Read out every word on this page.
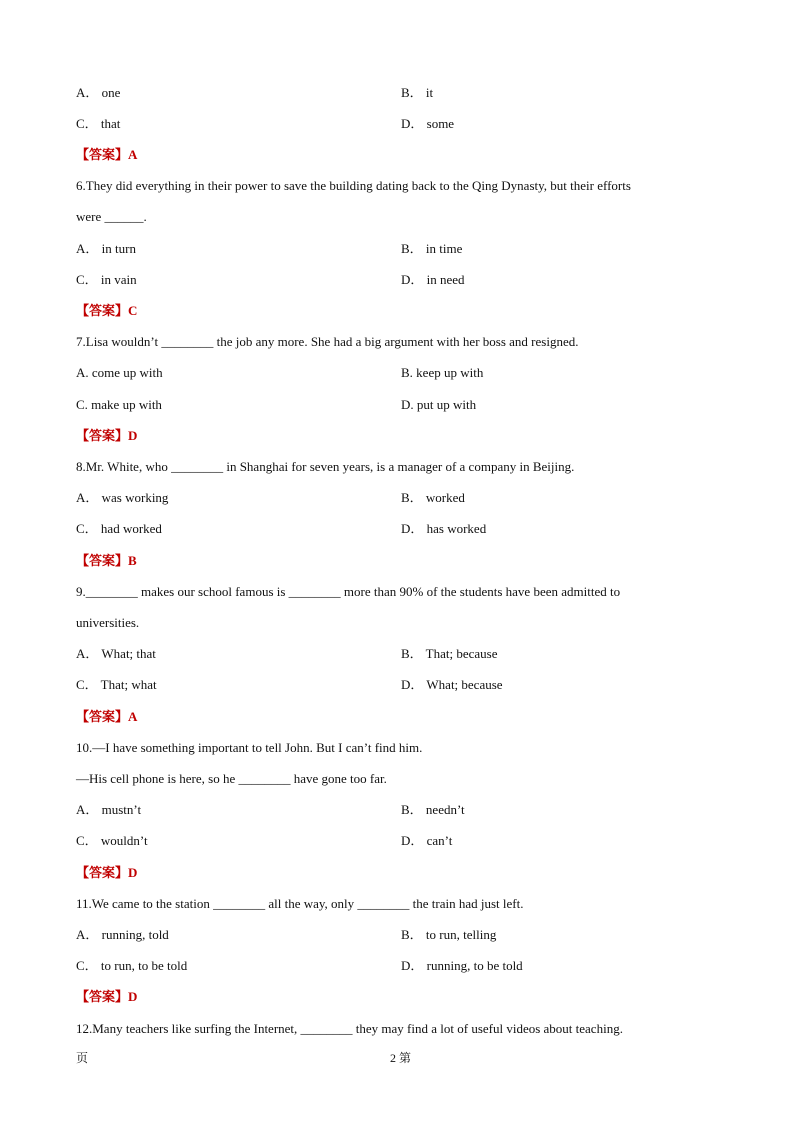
A． one	B． it
C． that	D． some
【答案】A
6.They did everything in their power to save the building dating back to the Qing Dynasty, but their efforts
were ______.
A． in turn	B． in time
C． in vain	D． in need
【答案】C
7.Lisa wouldn’t ________ the job any more. She had a big argument with her boss and resigned.
A. come up with	B. keep up with
C. make up with	D. put up with
【答案】D
8.Mr. White, who ________ in Shanghai for seven years, is a manager of a company in Beijing.
A． was working	B． worked
C． had worked	D． has worked
【答案】B
9.________ makes our school famous is ________ more than 90% of the students have been admitted to
universities.
A． What; that	B． That; because
C． That; what	D． What; because
【答案】A
10.—I have something important to tell John. But I can’t find him.
—His cell phone is here, so he ________ have gone too far.
A． mustn’t	B． needn’t
C． wouldn’t	D． can’t
【答案】D
11.We came to the station ________ all the way, only ________ the train had just left.
A． running, told	B． to run, telling
C． to run, to be told	D． running, to be told
【答案】D
12.Many teachers like surfing the Internet, ________ they may find a lot of useful videos about teaching.
页	2 第
